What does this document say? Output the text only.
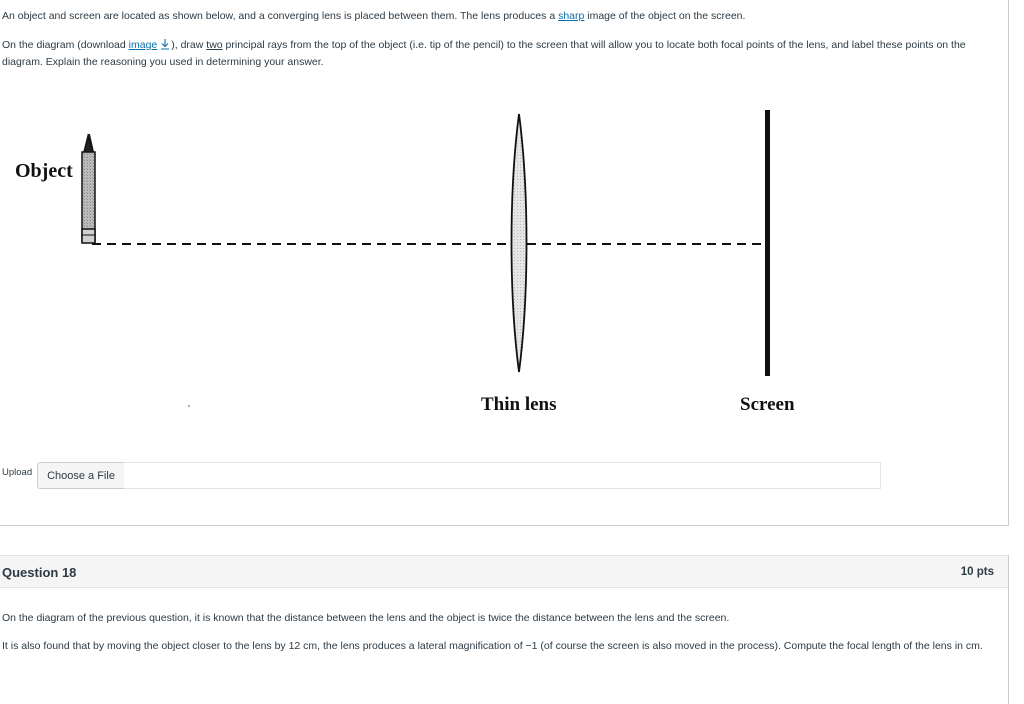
An object and screen are located as shown below, and a converging lens is placed between them. The lens produces a sharp image of the object on the screen.
On the diagram (download image ), draw two principal rays from the top of the object (i.e. tip of the pencil) to the screen that will allow you to locate both focal points of the lens, and label these points on the diagram. Explain the reasoning you used in determining your answer.
Object
Thin lens	Screen
Upload	Choose a File
Question 18	10 pts
On the diagram of the previous question, it is known that the distance between the lens and the object is twice the distance between the lens and the screen.
It is also found that by moving the object closer to the lens by 12 cm, the lens produces a lateral magnification of −1 (of course the screen is also moved in the process). Compute the focal length of the lens in cm.
